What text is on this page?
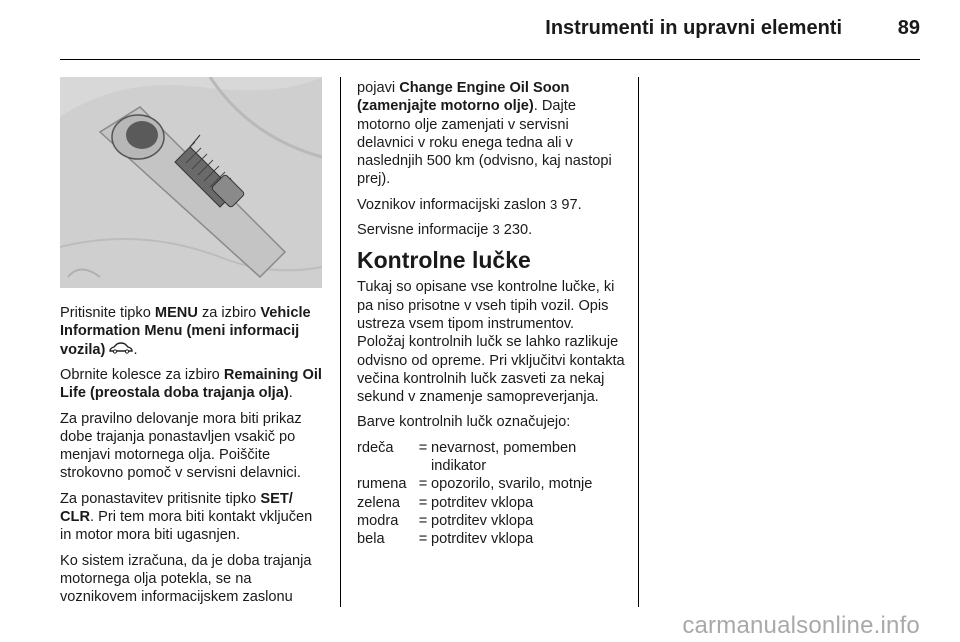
Instrumenti in upravni elementi	89

Pritisnite tipko MENU za izbiro Vehicle Information Menu (meni informacij vozila) .

Obrnite kolesce za izbiro Remaining Oil Life (preostala doba trajanja olja).

Za pravilno delovanje mora biti prikaz dobe trajanja ponastavljen vsakič po menjavi motornega olja. Poiščite strokovno pomoč v servisni delavnici.

Za ponastavitev pritisnite tipko SET/ CLR. Pri tem mora biti kontakt vključen in motor mora biti ugasnjen.

Ko sistem izračuna, da je doba trajanja motornega olja potekla, se na voznikovem informacijskem zaslonu

pojavi Change Engine Oil Soon (zamenjajte motorno olje). Dajte motorno olje zamenjati v servisni delavnici v roku enega tedna ali v naslednjih 500 km (odvisno, kaj nastopi prej).

Voznikov informacijski zaslon 3 97.

Servisne informacije 3 230.

Kontrolne lučke

Tukaj so opisane vse kontrolne lučke, ki pa niso prisotne v vseh tipih vozil. Opis ustreza vsem tipom instrumentov. Položaj kontrolnih lučk se lahko razlikuje odvisno od opreme. Pri vključitvi kontakta večina kontrolnih lučk zasveti za nekaj sekund v znamenje samopreverjanja.

Barve kontrolnih lučk označujejo:

rdeča	= nevarnost, pomemben indikator
rumena = opozorilo, svarilo, motnje
zelena	= potrditev vklopa
modra	= potrditev vklopa
bela	= potrditev vklopa
carmanualsonline.info
